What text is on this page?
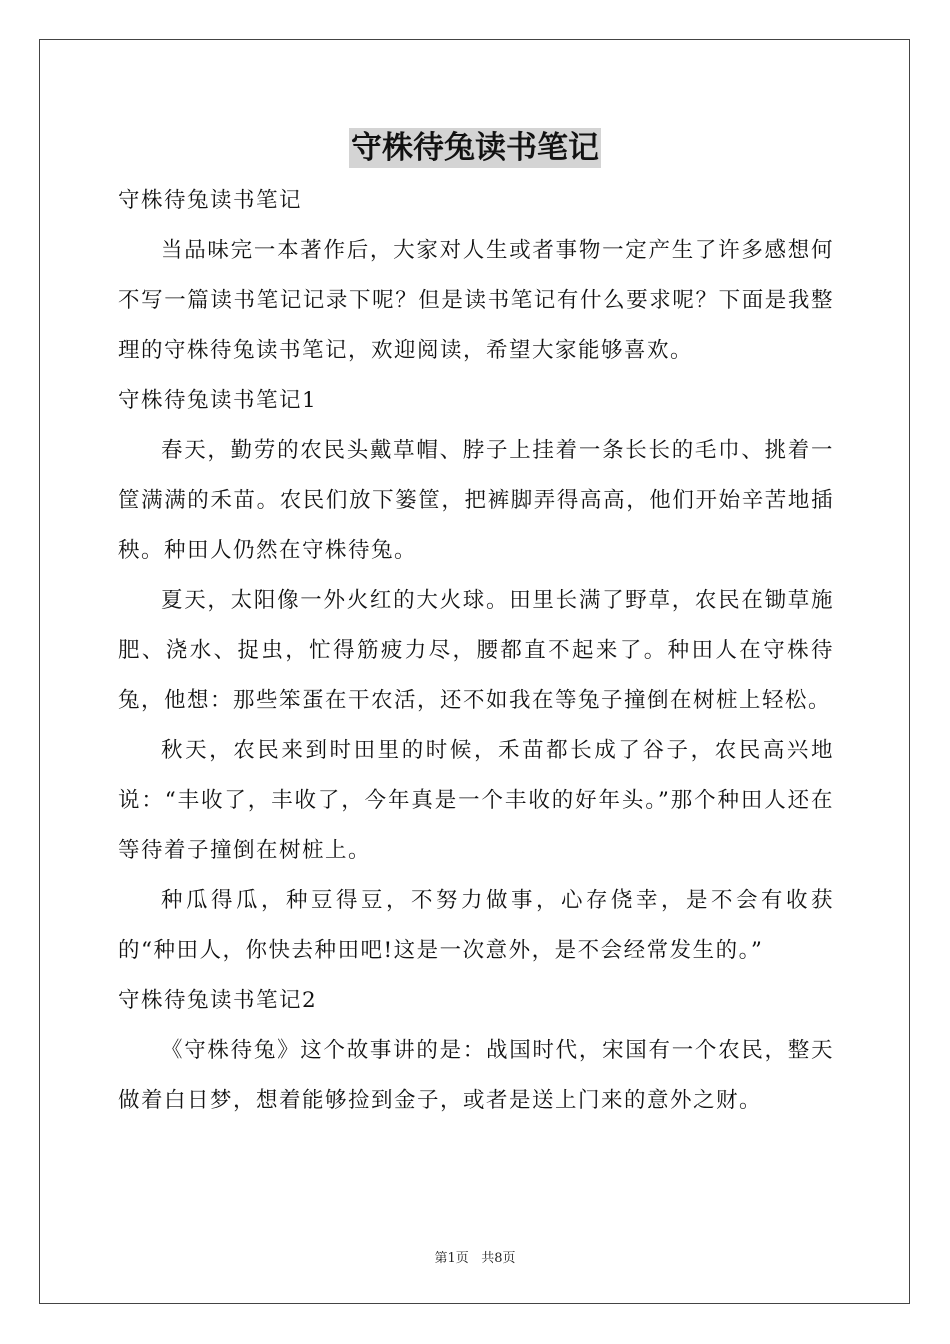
守株待兔读书笔记

守株待兔读书笔记

当品味完一本著作后，大家对人生或者事物一定产生了许多感想何不写一篇读书笔记记录下呢？但是读书笔记有什么要求呢？下面是我整理的守株待兔读书笔记，欢迎阅读，希望大家能够喜欢。

守株待兔读书笔记1

春天，勤劳的农民头戴草帽、脖子上挂着一条长长的毛巾、挑着一筐满满的禾苗。农民们放下篓筐，把裤脚弄得高高，他们开始辛苦地插秧。种田人仍然在守株待兔。

夏天，太阳像一外火红的大火球。田里长满了野草，农民在锄草施肥、浇水、捉虫，忙得筋疲力尽，腰都直不起来了。种田人在守株待兔，他想：那些笨蛋在干农活，还不如我在等兔子撞倒在树桩上轻松。

秋天，农民来到时田里的时候，禾苗都长成了谷子，农民高兴地说：“丰收了，丰收了，今年真是一个丰收的好年头。”那个种田人还在等待着子撞倒在树桩上。

种瓜得瓜，种豆得豆，不努力做事，心存侥幸，是不会有收获的“种田人，你快去种田吧!这是一次意外，是不会经常发生的。”

守株待兔读书笔记2

《守株待兔》这个故事讲的是：战国时代，宋国有一个农民，整天做着白日梦，想着能够捡到金子，或者是送上门来的意外之财。

第1页 共8页
